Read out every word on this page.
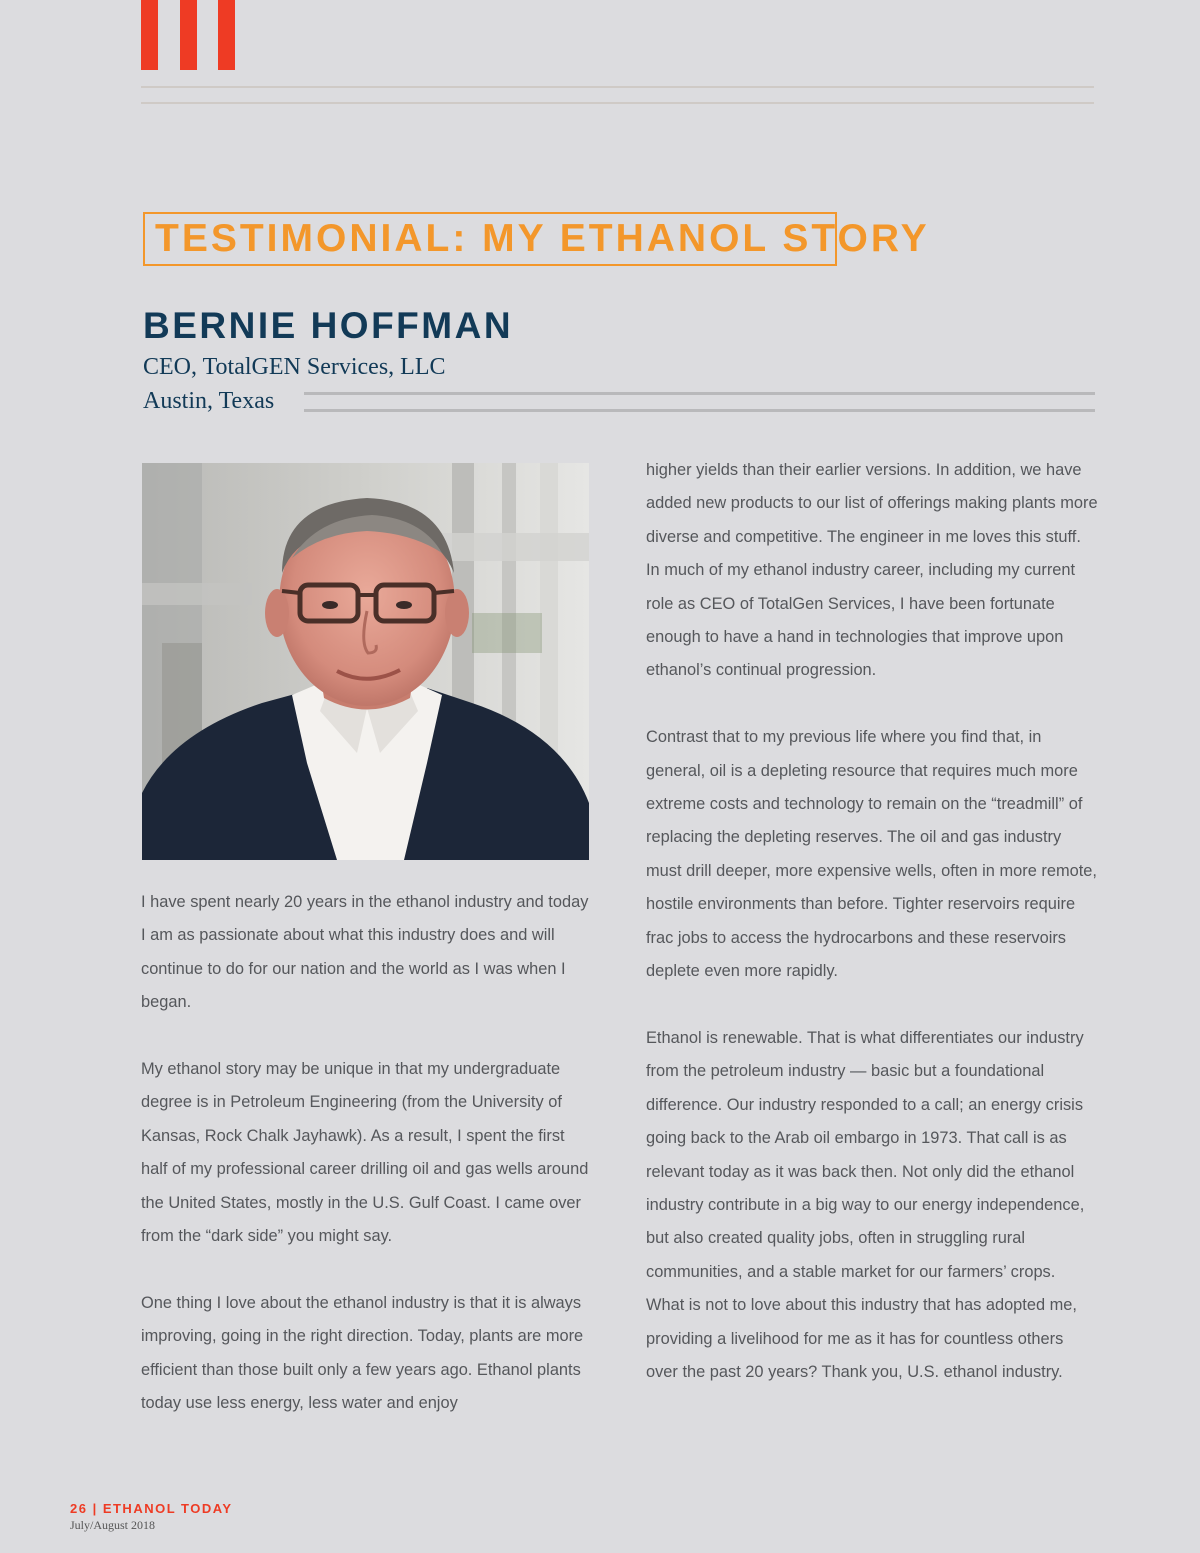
TESTIMONIAL: MY ETHANOL STORY
BERNIE HOFFMAN
CEO, TotalGEN Services, LLC
Austin, Texas

I have spent nearly 20 years in the ethanol industry and today I am as passionate about what this industry does and will continue to do for our nation and the world as I was when I began.

My ethanol story may be unique in that my undergraduate degree is in Petroleum Engineering (from the University of Kansas, Rock Chalk Jayhawk). As a result, I spent the first half of my professional career drilling oil and gas wells around the United States, mostly in the U.S. Gulf Coast. I came over from the “dark side” you might say.

One thing I love about the ethanol industry is that it is always improving, going in the right direction. Today, plants are more efficient than those built only a few years ago. Ethanol plants today use less energy, less water and enjoy

higher yields than their earlier versions. In addition, we have added new products to our list of offerings making plants more diverse and competitive. The engineer in me loves this stuff. In much of my ethanol industry career, including my current role as CEO of TotalGen Services, I have been fortunate enough to have a hand in technologies that improve upon ethanol’s continual progression.

Contrast that to my previous life where you find that, in general, oil is a depleting resource that requires much more extreme costs and technology to remain on the “treadmill” of replacing the depleting reserves. The oil and gas industry must drill deeper, more expensive wells, often in more remote, hostile environments than before. Tighter reservoirs require frac jobs to access the hydrocarbons and these reservoirs deplete even more rapidly.

Ethanol is renewable. That is what differentiates our industry from the petroleum industry — basic but a foundational difference. Our industry responded to a call; an energy crisis going back to the Arab oil embargo in 1973. That call is as relevant today as it was back then. Not only did the ethanol industry contribute in a big way to our energy independence, but also created quality jobs, often in struggling rural communities, and a stable market for our farmers’ crops. What is not to love about this industry that has adopted me, providing a livelihood for me as it has for countless others over the past 20 years? Thank you, U.S. ethanol industry.

26 | ETHANOL TODAY
July/August 2018
